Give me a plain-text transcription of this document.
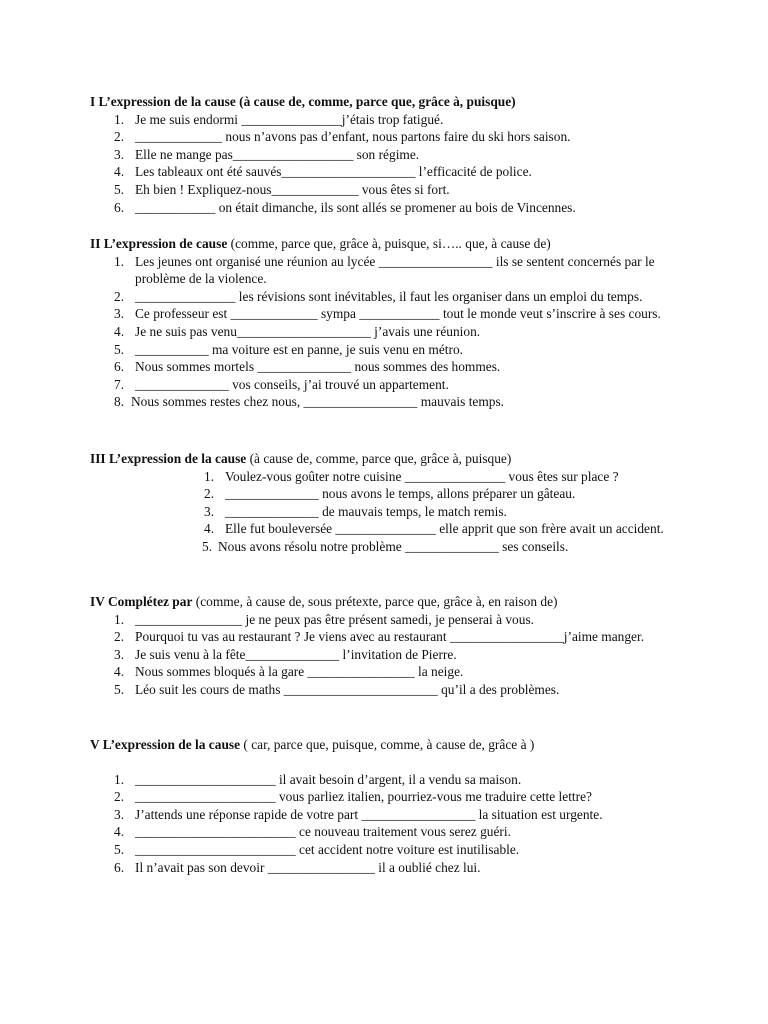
I L’expression de la cause (à cause de, comme, parce que, grâce à, puisque)
1. Je me suis endormi _______________j’étais trop fatigué.
2. _____________ nous n’avons pas d’enfant, nous partons faire du ski hors saison.
3. Elle ne mange pas__________________ son régime.
4. Les tableaux ont été sauvés____________________ l’efficacité de police.
5. Eh bien ! Expliquez-nous_____________ vous êtes si fort.
6. ____________ on était dimanche, ils sont allés se promener au bois de Vincennes.
II L’expression de cause (comme, parce que, grâce à, puisque, si….. que, à cause de)
1. Les jeunes ont organisé une réunion au lycée _________________ ils se sentent concernés par le problème de la violence.
2. _______________ les révisions sont inévitables, il faut les organiser dans un emploi du temps.
3. Ce professeur est _____________ sympa ____________ tout le monde veut s’inscrire à ses cours.
4. Je ne suis pas venu____________________ j’avais une réunion.
5. ___________ ma voiture est en panne, je suis venu en métro.
6. Nous sommes mortels ______________ nous sommes des hommes.
7. ______________ vos conseils, j’ai trouvé un appartement.
8. Nous sommes restes chez nous, _________________ mauvais temps.
III L’expression de la cause (à cause de, comme, parce que, grâce à, puisque)
1. Voulez-vous goûter notre cuisine _______________ vous êtes sur place ?
2. ______________ nous avons le temps, allons préparer un gâteau.
3. ______________ de mauvais temps, le match remis.
4. Elle fut bouleversée _______________ elle apprit que son frère avait un accident.
5. Nous avons résolu notre problème ______________ ses conseils.
IV Complétez par (comme, à cause de, sous prétexte, parce que, grâce à, en raison de)
1. ________________ je ne peux pas être présent samedi, je penserai à vous.
2. Pourquoi tu vas au restaurant ? Je viens avec au restaurant _________________j’aime manger.
3. Je suis venu à la fête______________ l’invitation de Pierre.
4. Nous sommes bloqués à la gare ________________ la neige.
5. Léo suit les cours de maths _______________________ qu’il a des problèmes.
V L’expression de la cause ( car, parce que, puisque, comme, à cause de, grâce à )
1. _____________________ il avait besoin d’argent, il a vendu sa maison.
2. _____________________ vous parliez italien, pourriez-vous me traduire cette lettre?
3. J’attends une réponse rapide de votre part _________________ la situation est urgente.
4. ________________________ ce nouveau traitement vous serez guéri.
5. ________________________ cet accident notre voiture est inutilisable.
6. Il n’avait pas son devoir ________________ il a oublié chez lui.
